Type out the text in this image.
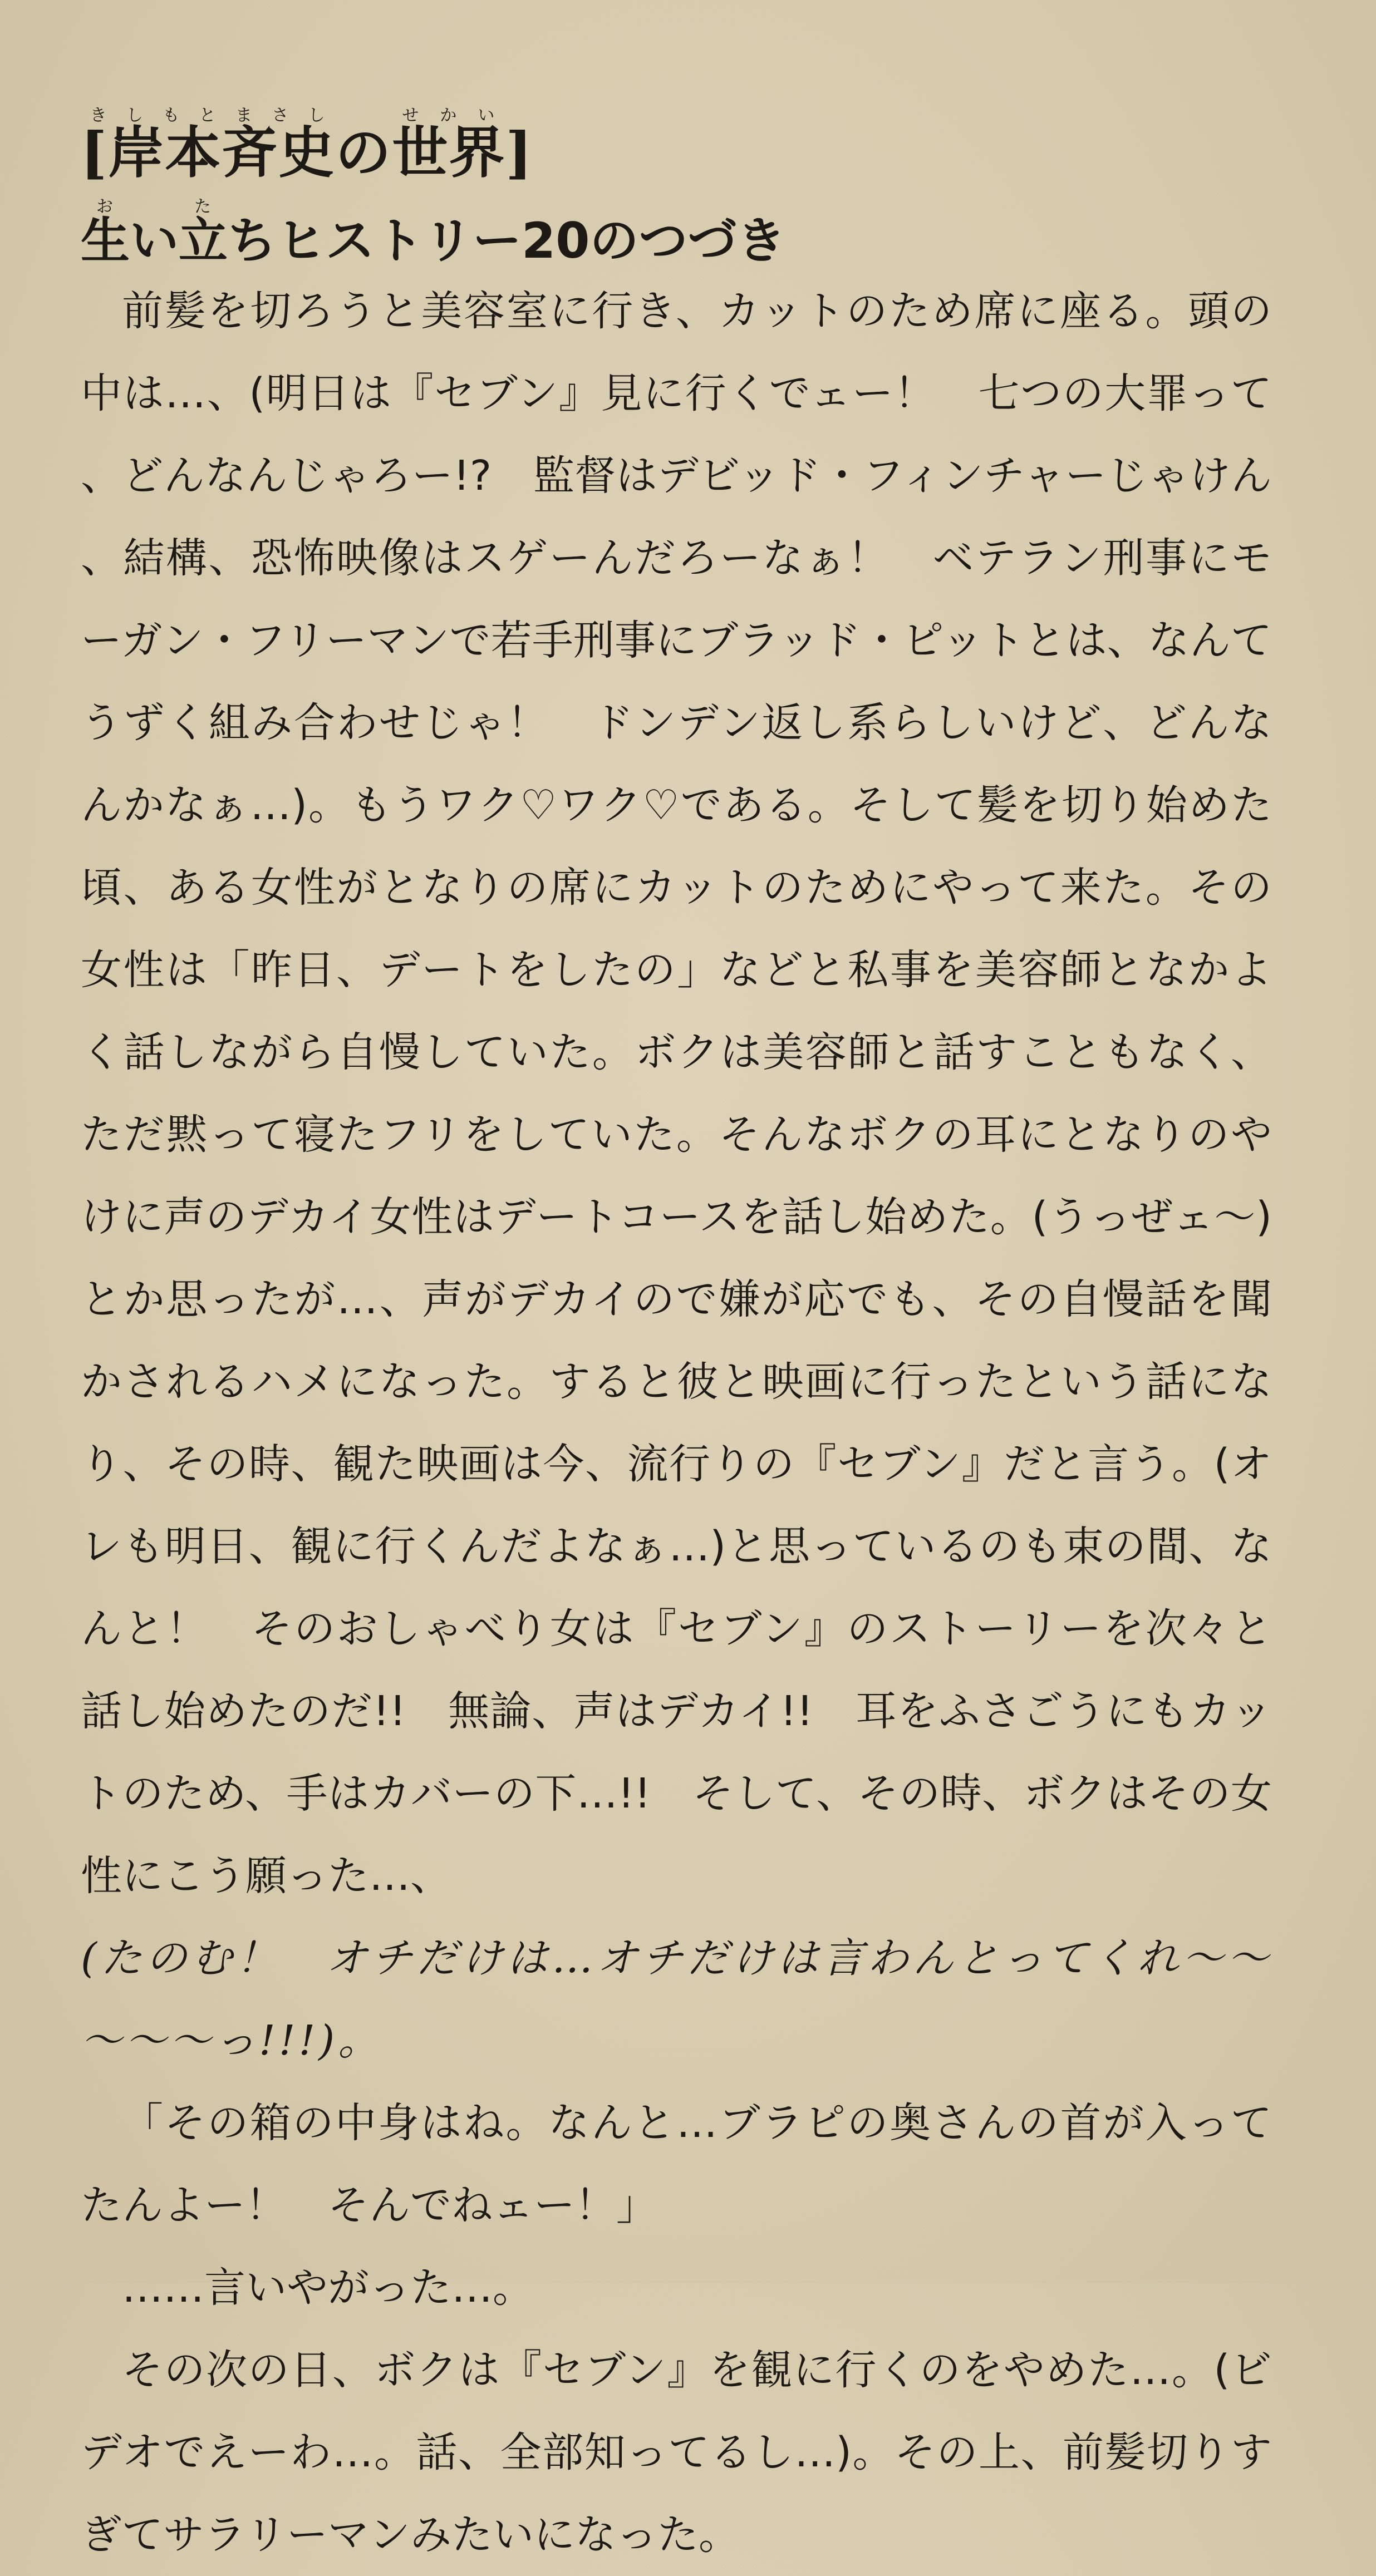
[岸本斉史きしもとまさしの世界せかい]
生おい立たちヒストリー20のつづき

前髪を切ろうと美容室に行き、カットのため席に座る。頭の中は…、(明日は『セブン』見に行くでェー！　七つの大罪って、どんなんじゃろー!?　監督はデビッド・フィンチャーじゃけん、結構、恐怖映像はスゲーんだろーなぁ！　ベテラン刑事にモーガン・フリーマンで若手刑事にブラッド・ピットとは、なんてうずく組み合わせじゃ！　ドンデン返し系らしいけど、どんなんかなぁ…)。もうワク♡ワク♡である。そして髪を切り始めた頃、ある女性がとなりの席にカットのためにやって来た。その女性は「昨日、デートをしたの」などと私事を美容師となかよく話しながら自慢していた。ボクは美容師と話すこともなく、ただ黙って寝たフリをしていた。そんなボクの耳にとなりのやけに声のデカイ女性はデートコースを話し始めた。(うっぜェ〜)とか思ったが…、声がデカイので嫌が応でも、その自慢話を聞かされるハメになった。すると彼と映画に行ったという話になり、その時、観た映画は今、流行りの『セブン』だと言う。(オレも明日、観に行くんだよなぁ…)と思っているのも束の間、なんと！　そのおしゃべり女は『セブン』のストーリーを次々と話し始めたのだ!!　無論、声はデカイ!!　耳をふさごうにもカットのため、手はカバーの下…!!　そして、その時、ボクはその女性にこう願った…、

(たのむ！　オチだけは…オチだけは言わんとってくれ〜〜〜〜〜っ!!!)。

「その箱の中身はね。なんと…ブラピの奥さんの首が入ってたんよー！　そんでねェー！」

……言いやがった…。

その次の日、ボクは『セブン』を観に行くのをやめた…。(ビデオでえーわ…。話、全部知ってるし…)。その上、前髪切りすぎてサラリーマンみたいになった。
